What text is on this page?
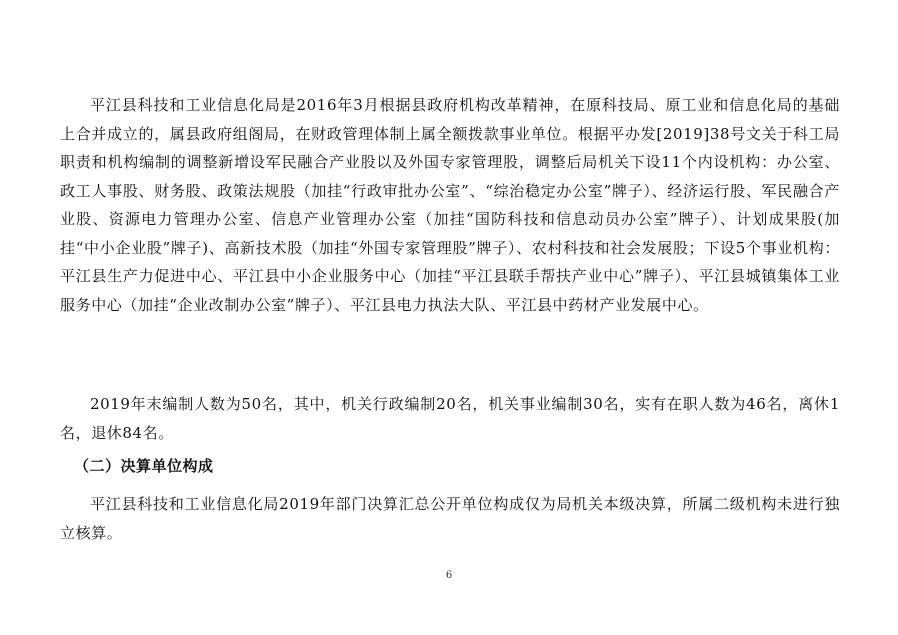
平江县科技和工业信息化局是2016年3月根据县政府机构改革精神，在原科技局、原工业和信息化局的基础上合并成立的，属县政府组阁局，在财政管理体制上属全额拨款事业单位。根据平办发[2019]38号文关于科工局职责和机构编制的调整新增设军民融合产业股以及外国专家管理股，调整后局机关下设11个内设机构：办公室、政工人事股、财务股、政策法规股（加挂“行政审批办公室”、“综治稳定办公室”牌子）、经济运行股、军民融合产业股、资源电力管理办公室、信息产业管理办公室（加挂“国防科技和信息动员办公室”牌子）、计划成果股(加挂“中小企业股”牌子)、高新技术股（加挂“外国专家管理股”牌子）、农村科技和社会发展股；下设5个事业机构：平江县生产力促进中心、平江县中小企业服务中心（加挂“平江县联手帮扶产业中心”牌子）、平江县城镇集体工业服务中心（加挂“企业改制办公室”牌子）、平江县电力执法大队、平江县中药材产业发展中心。

2019年末编制人数为50名，其中，机关行政编制20名，机关事业编制30名，实有在职人数为46名，离休1名，退休84名。

（二）决算单位构成

平江县科技和工业信息化局2019年部门决算汇总公开单位构成仅为局机关本级决算，所属二级机构未进行独立核算。

6
